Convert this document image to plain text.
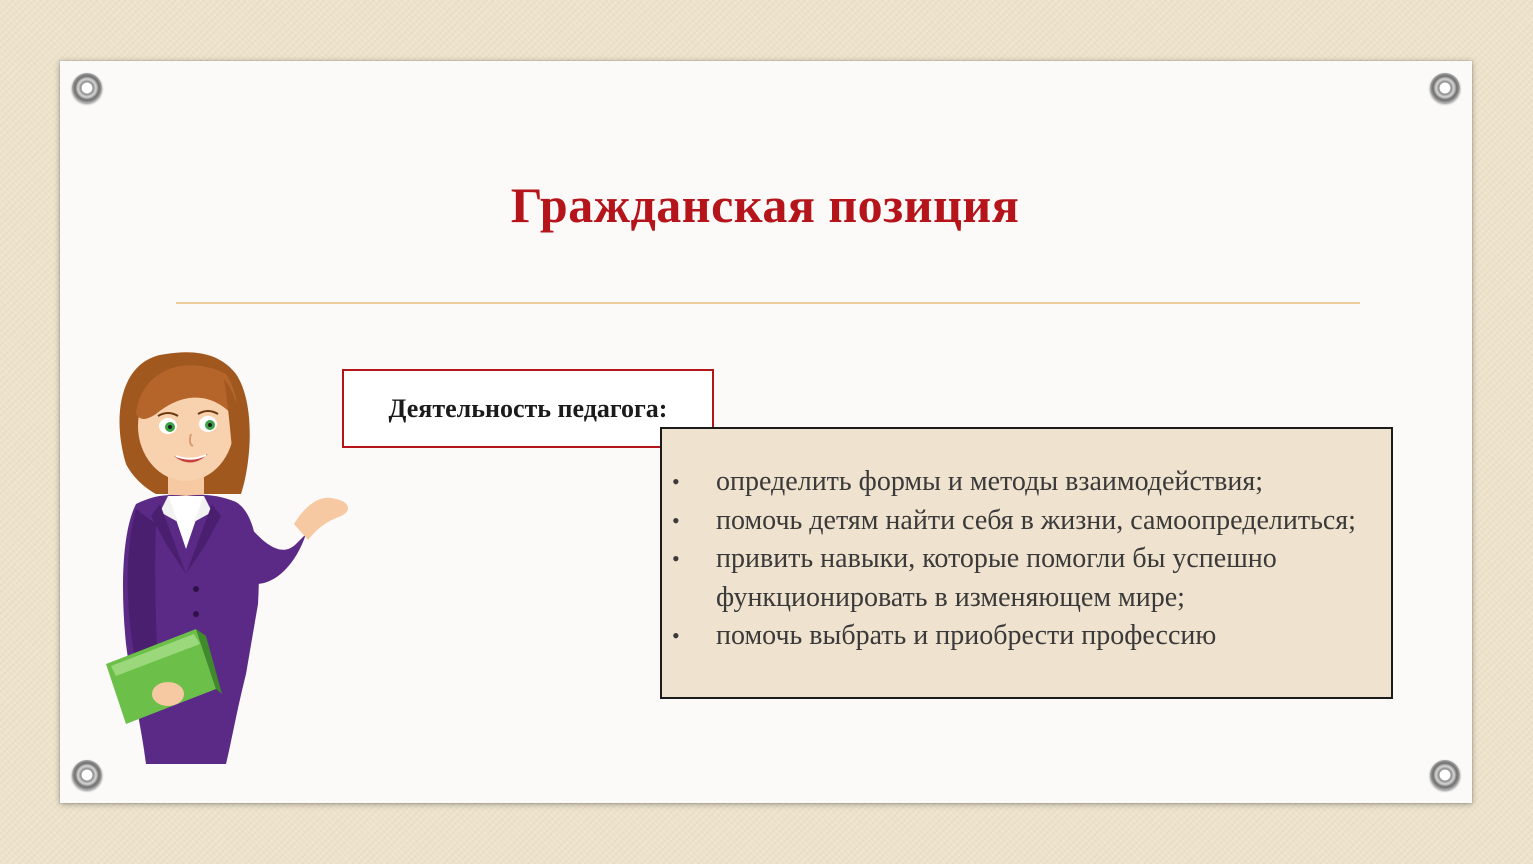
Гражданская позиция
Деятельность педагога:
• определить формы и методы взаимодействия;
• помочь детям найти себя в жизни, самоопределиться;
• привить навыки, которые помогли бы успешно функционировать в изменяющем мире;
• помочь выбрать и приобрести профессию
